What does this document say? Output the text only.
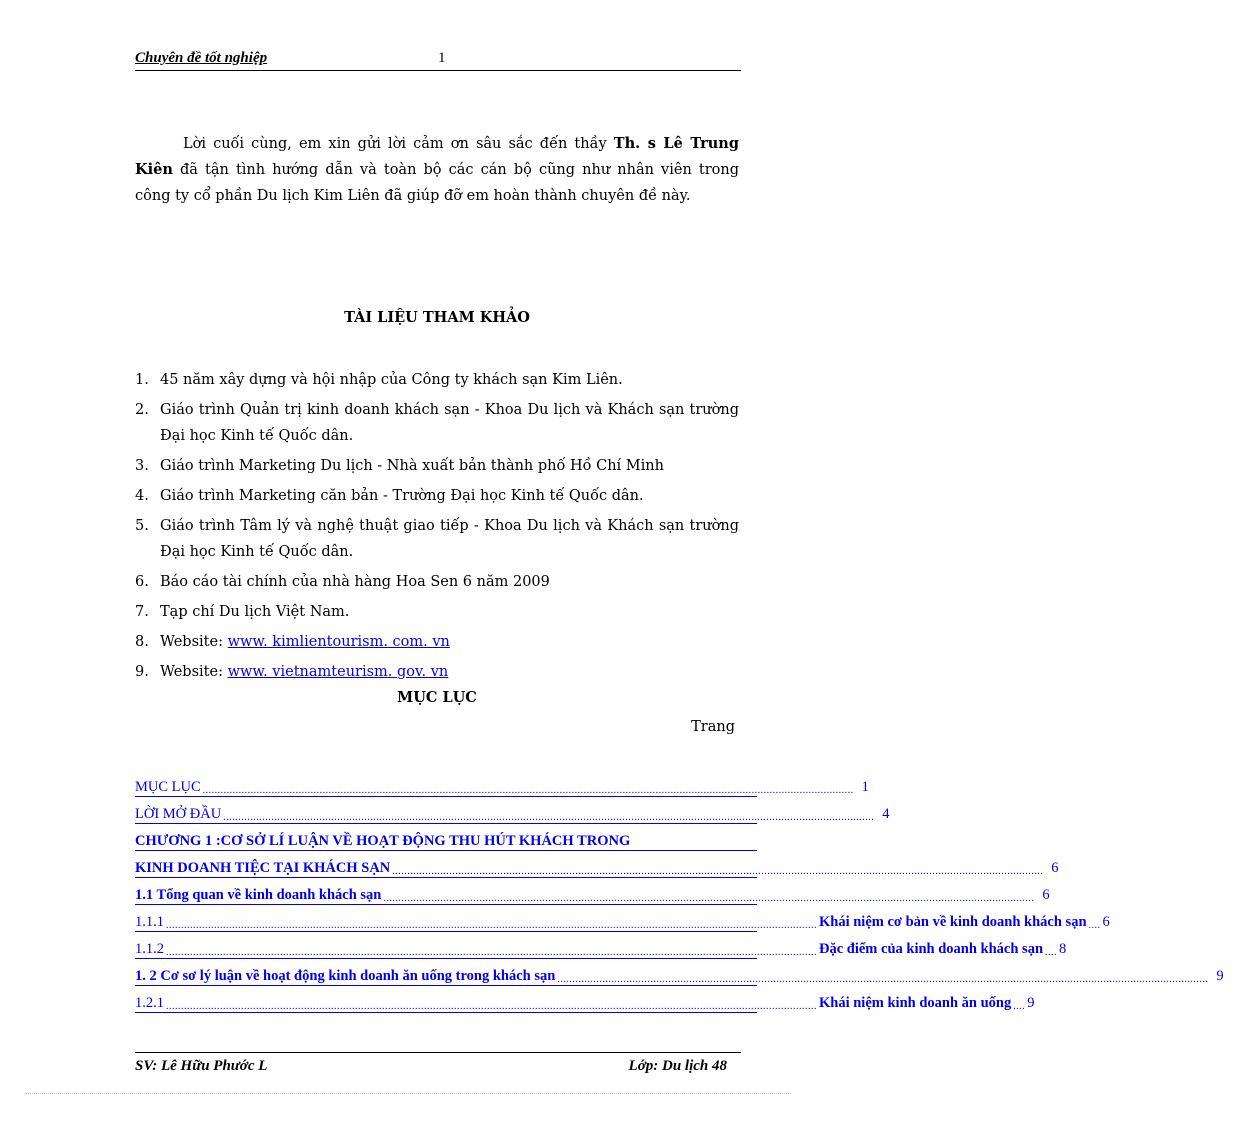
Chuyên đề tốt nghiệp	1
Lời cuối cùng, em xin gửi lời cảm ơn sâu sắc đến thầy Th. s Lê Trung Kiên đã tận tình hướng dẫn và toàn bộ các cán bộ cũng như nhân viên trong công ty cổ phần Du lịch Kim Liên đã giúp đỡ em hoàn thành chuyên đề này.
TÀI LIỆU THAM KHẢO
1. 45 năm xây dựng và hội nhập của Công ty khách sạn Kim Liên.
2. Giáo trình Quản trị kinh doanh khách sạn - Khoa Du lịch và Khách sạn trường Đại học Kinh tế Quốc dân.
3. Giáo trình Marketing Du lịch - Nhà xuất bản thành phố Hồ Chí Minh
4. Giáo trình Marketing căn bản - Trường Đại học Kinh tế Quốc dân.
5. Giáo trình Tâm lý và nghệ thuật giao tiếp - Khoa Du lịch và Khách sạn trường Đại học Kinh tế Quốc dân.
6. Báo cáo tài chính của nhà hàng Hoa Sen 6 năm 2009
7. Tạp chí Du lịch Việt Nam.
8. Website: www. kimlientourism. com. vn
9. Website: www. vietnamteurism. gov. vn
MỤC LỤC
Trang
MỤC LỤC ......................................................................................................................................................................................................................... 1
LỜI MỞ ĐẦU ......................................................................................................................................................................................................................... 4
CHƯƠNG 1 :CƠ SỞ LÍ LUẬN VỀ HOẠT ĐỘNG THU HÚT KHÁCH TRONG
KINH DOANH TIỆC TẠI KHÁCH SẠN ......................................................................................................................................................................................................................... 6
1.1 Tổng quan về kinh doanh khách sạn ......................................................................................................................................................................................................................... 6
1.1.1 ......................................................................................................................................................................................................................... Khái niệm cơ bản về kinh doanh khách sạn .... 6
1.1.2 ......................................................................................................................................................................................................................... Đặc điểm của kinh doanh khách sạn .... 8
1. 2 Cơ sơ lý luận về hoạt động kinh doanh ăn uống trong khách sạn ......................................................................................................................................................................................................................... 9
1.2.1 ......................................................................................................................................................................................................................... Khái niệm kinh doanh ăn uống .... 9
SV: Lê Hữu Phước L	Lớp: Du lịch 48
